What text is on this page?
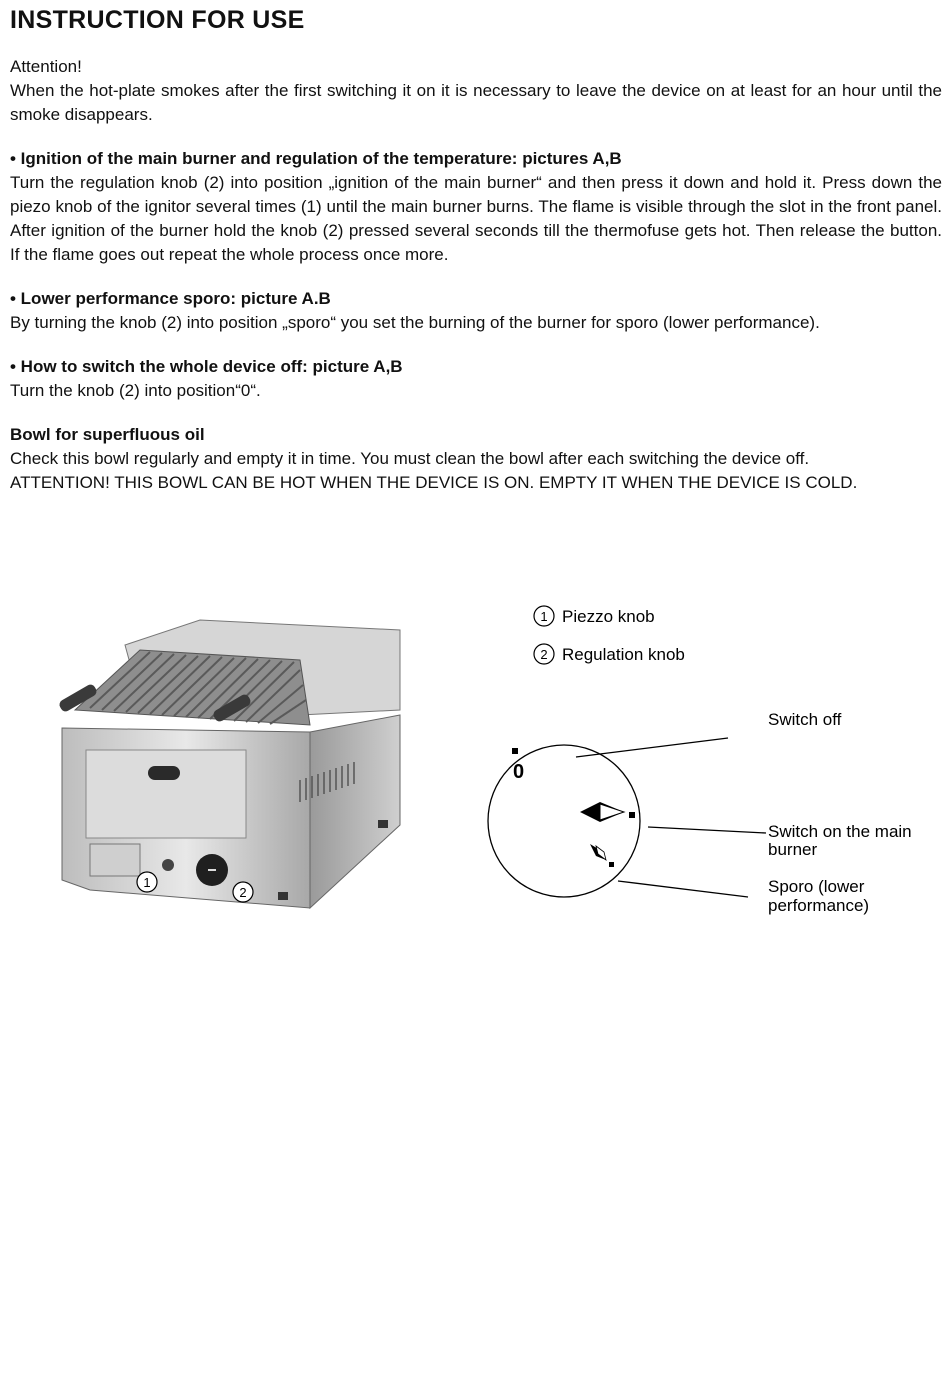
INSTRUCTION FOR USE

Attention!

When the hot-plate smokes after the first switching it on it is necessary to leave the device on at least for an hour until the smoke disappears.

• Ignition of the main burner and regulation of the temperature: pictures A,B

Turn the regulation knob (2) into position „ignition of the main burner“ and then press it down and hold it. Press down the piezo knob of the ignitor several times (1) until the main burner burns. The flame is visible through the slot in the front panel. After ignition of the burner hold the knob (2) pressed several seconds till the thermofuse gets hot. Then release the button. If the flame goes out repeat the whole process once more.

• Lower performance sporo: picture A.B

By turning the knob (2) into position „sporo“ you set the burning of the burner for sporo (lower performance).

• How to switch the whole device off: picture A,B

Turn the knob (2) into position“0“.

Bowl for superfluous oil

Check this bowl regularly and empty it in time. You must clean the bowl after each switching the device off.

ATTENTION! THIS BOWL CAN BE HOT WHEN THE DEVICE IS ON. EMPTY IT WHEN THE DEVICE IS COLD.

1
2
1 Piezzo knob
2 Regulation knob
0
Switch off
Switch on the main
burner
Sporo (lower
performance)
